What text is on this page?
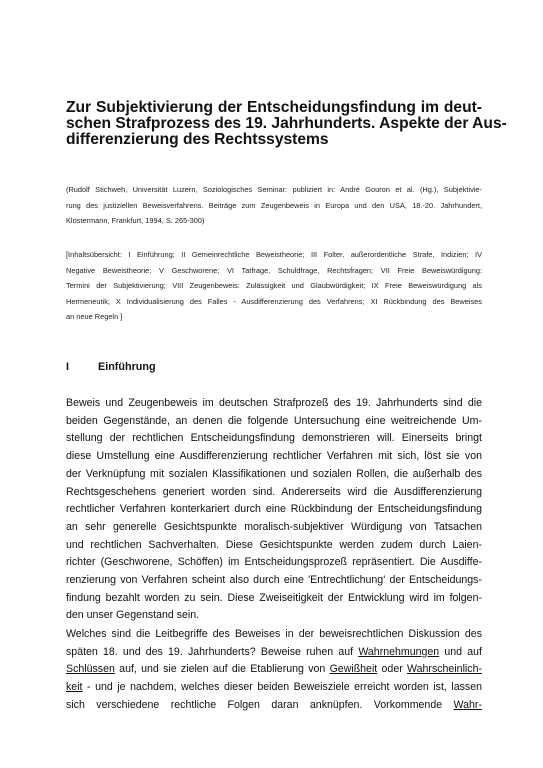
Zur Subjektivierung der Entscheidungsfindung im deut-
schen Strafprozess des 19. Jahrhunderts. Aspekte der Aus-
differenzierung des Rechtssystems

(Rudolf Stichweh, Universität Luzern, Soziologisches Seminar: publiziert in: André Gouron et al. (Hg.), Subjektivie-
rung des justiziellen Beweisverfahrens. Beiträge zum Zeugenbeweis in Europa und den USA, 18.-20. Jahrhundert,
Klostermann, Frankfurt, 1994, S. 265-300)

[Inhaltsübersicht: I Einführung; II Gemeinrechtliche Beweistheorie; III Folter, außerordentliche Strafe, Indizien; IV
Negative Beweistheorie; V Geschworene; VI Tatfrage, Schuldfrage, Rechtsfragen; VII Freie Beweiswürdigung:
Termini der Subjektivierung; VIII Zeugenbeweis: Zulässigkeit und Glaubwürdigkeit; IX Freie Beweiswürdigung als
Hermeneutik; X Individualisierung des Falles - Ausdifferenzierung des Verfahrens; XI Rückbindung des Beweises
an neue Regeln ]

I	Einführung

Beweis und Zeugenbeweis im deutschen Strafprozeß des 19. Jahrhunderts sind die
beiden Gegenstände, an denen die folgende Untersuchung eine weitreichende Um-
stellung der rechtlichen Entscheidungsfindung demonstrieren will. Einerseits bringt
diese Umstellung eine Ausdifferenzierung rechtlicher Verfahren mit sich, löst sie von
der Verknüpfung mit sozialen Klassifikationen und sozialen Rollen, die außerhalb des
Rechtsgeschehens generiert worden sind. Andererseits wird die Ausdifferenzierung
rechtlicher Verfahren konterkariert durch eine Rückbindung der Entscheidungsfindung
an sehr generelle Gesichtspunkte moralisch-subjektiver Würdigung von Tatsachen
und rechtlichen Sachverhalten. Diese Gesichtspunkte werden zudem durch Laien-
richter (Geschworene, Schöffen) im Entscheidungsprozeß repräsentiert. Die Ausdiffe-
renzierung von Verfahren scheint also durch eine 'Entrechtlichung' der Entscheidungs-
findung bezahlt worden zu sein. Diese Zweiseitigkeit der Entwicklung wird im folgen-
den unser Gegenstand sein.

Welches sind die Leitbegriffe des Beweises in der beweisrechtlichen Diskussion des
späten 18. und des 19. Jahrhunderts? Beweise ruhen auf Wahrnehmungen und auf
Schlüssen auf, und sie zielen auf die Etablierung von Gewißheit oder Wahrscheinlich-
keit - und je nachdem, welches dieser beiden Beweisziele erreicht worden ist, lassen
sich verschiedene rechtliche Folgen daran anknüpfen. Vorkommende Wahr-
